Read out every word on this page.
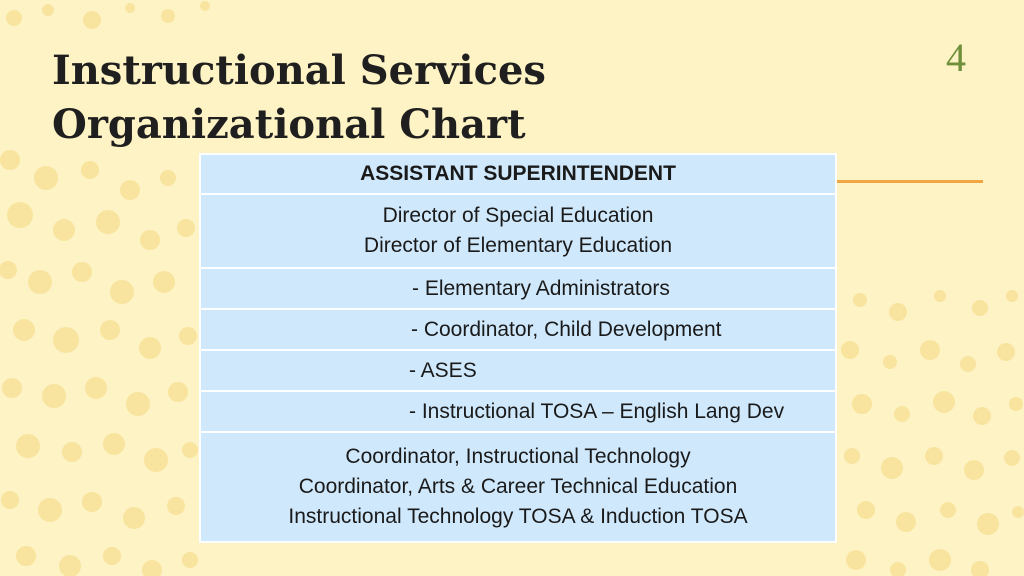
Instructional Services
Organizational Chart
4
ASSISTANT SUPERINTENDENT

Director of Special Education
Director of Elementary Education

- Elementary Administrators
- Coordinator, Child Development
- ASES
- Instructional TOSA – English Lang Dev

Coordinator, Instructional Technology
Coordinator, Arts & Career Technical Education
Instructional Technology TOSA & Induction TOSA
